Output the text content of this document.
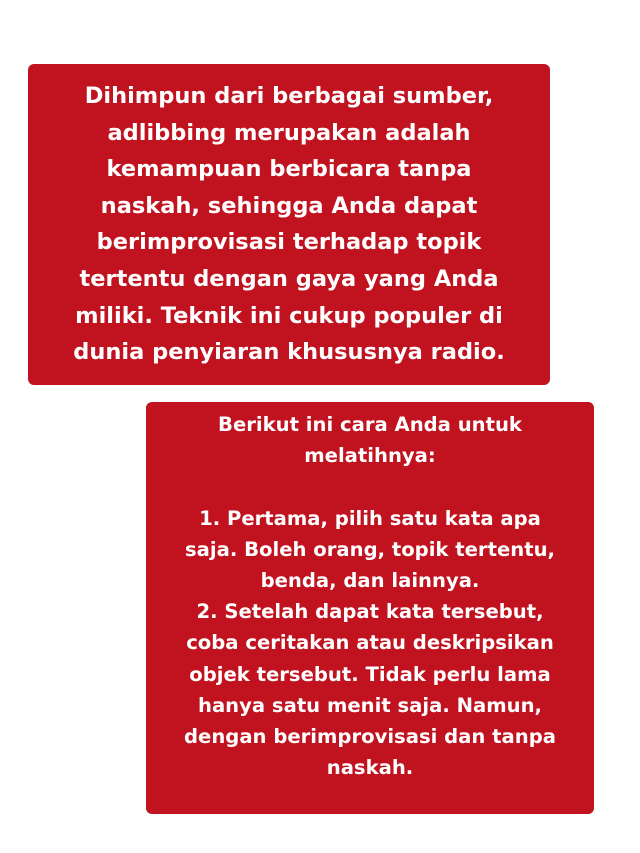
Dihimpun dari berbagai sumber,
adlibbing merupakan adalah
kemampuan berbicara tanpa
naskah, sehingga Anda dapat
berimprovisasi terhadap topik
tertentu dengan gaya yang Anda
miliki. Teknik ini cukup populer di
dunia penyiaran khususnya radio.
Berikut ini cara Anda untuk
melatihnya:
1. Pertama, pilih satu kata apa
saja. Boleh orang, topik tertentu,
benda, dan lainnya.
2. Setelah dapat kata tersebut,
coba ceritakan atau deskripsikan
objek tersebut. Tidak perlu lama
hanya satu menit saja. Namun,
dengan berimprovisasi dan tanpa
naskah.
